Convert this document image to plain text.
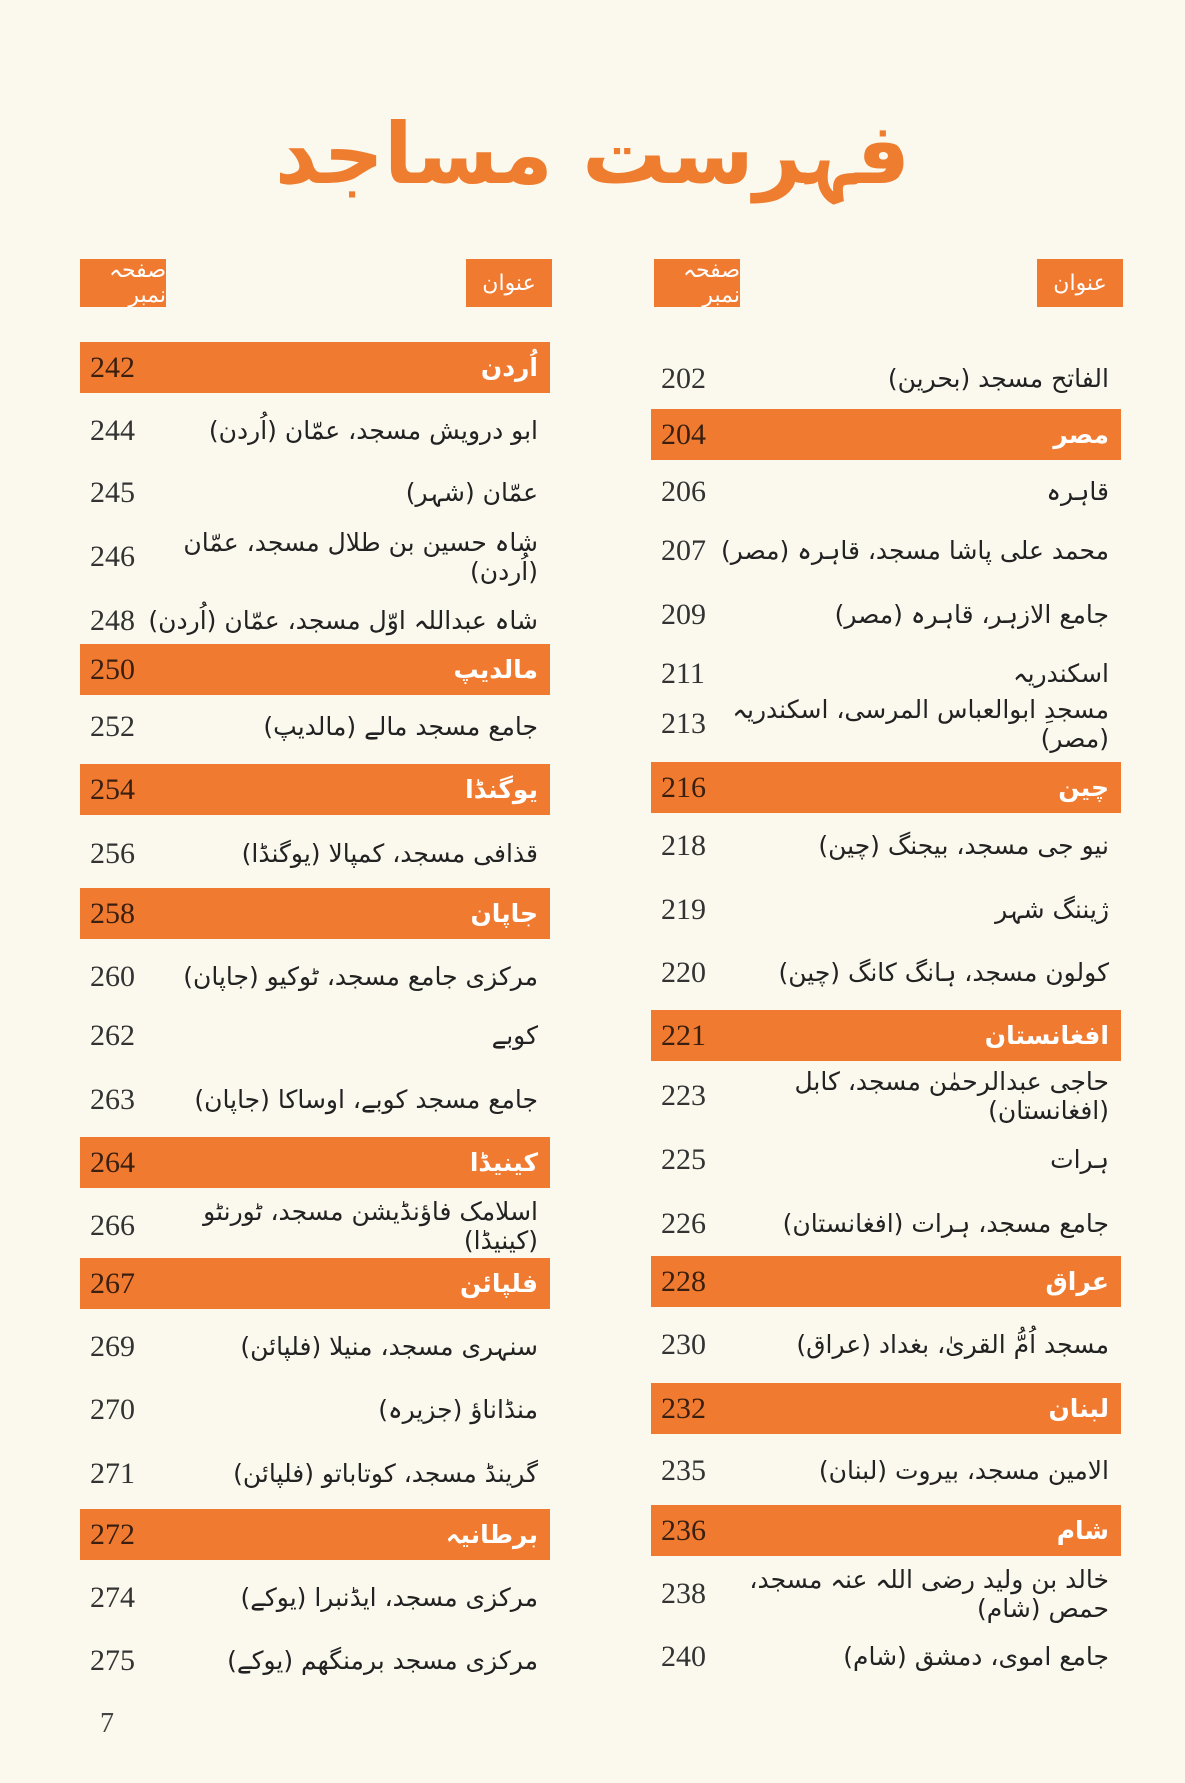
فہرست مساجد
عنوان
صفحہ نمبر
عنوان
صفحہ نمبر
202	الفاتح مسجد (بحرین)
204	مصر
206	قاہرہ
207 محمد علی پاشا مسجد، قاہرہ (مصر)
209	جامع الازہر، قاہرہ (مصر)
211	اسکندریہ
213	مسجدِ ابوالعباس المرسی، اسکندریہ (مصر)
216	چین
218	نیو جی مسجد، بیجنگ (چین)
219	ژیننگ شہر
220	کولون مسجد، ہانگ کانگ (چین)
221	افغانستان
223	حاجی عبدالرحمٰن مسجد، کابل (افغانستان)
225	ہرات
226	جامع مسجد، ہرات (افغانستان)
228	عراق
230	مسجد اُمُّ القریٰ، بغداد (عراق)
232	لبنان
235	الامین مسجد، بیروت (لبنان)
236	شام
238	خالد بن ولید رضی اللہ عنہ مسجد، حمص (شام)
240	جامع اموی، دمشق (شام)
242	اُردن
244	ابو درویش مسجد، عمّان (اُردن)
245	عمّان (شہر)
246	شاہ حسین بن طلال مسجد، عمّان (اُردن)
248 شاہ عبداللہ اوّل مسجد، عمّان (اُردن)
250	مالدیپ
252	جامع مسجد مالے (مالدیپ)
254	یوگنڈا
256	قذافی مسجد، کمپالا (یوگنڈا)
258	جاپان
260 مرکزی جامع مسجد، ٹوکیو (جاپان)
262	کوبے
263 جامع مسجد کوبے، اوساکا (جاپان)
264	کینیڈا
266	اسلامک فاؤنڈیشن مسجد، ٹورنٹو (کینیڈا)
267	فلپائن
269	سنہری مسجد، منیلا (فلپائن)
270	منڈاناؤ (جزیرہ)
271	گرینڈ مسجد، کوتاباتو (فلپائن)
272	برطانیہ
274	مرکزی مسجد، ایڈنبرا (یوکے)
275	مرکزی مسجد برمنگھم (یوکے)
7
